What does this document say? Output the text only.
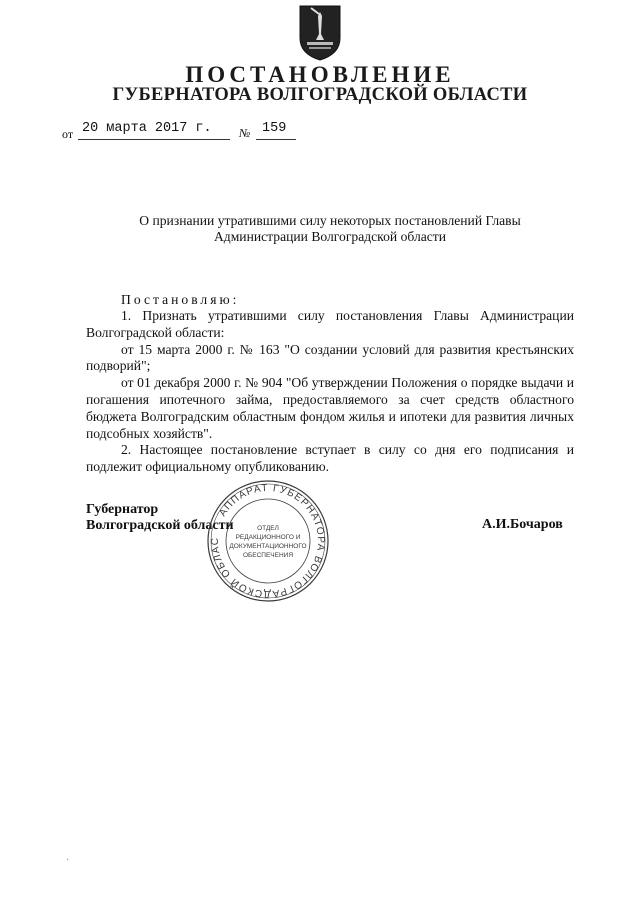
ПОСТАНОВЛЕНИЕ
ГУБЕРНАТОРА ВОЛГОГРАДСКОЙ ОБЛАСТИ
от 20 марта 2017 г. № 159
О признании утратившими силу некоторых постановлений Главы
Администрации Волгоградской области
Постановляю:

1. Признать утратившими силу постановления Главы Администрации Волгоградской области:

от 15 марта 2000 г. № 163 "О создании условий для развития крестьянских подворий";

от 01 декабря 2000 г. № 904 "Об утверждении Положения о порядке выдачи и погашения ипотечного займа, предоставляемого за счет средств областного бюджета Волгоградским областным фондом жилья и ипотеки для развития личных подсобных хозяйств".

2. Настоящее постановление вступает в силу со дня его подписания и подлежит официальному опубликованию.

Губернатор
Волгоградской области	А.И.Бочаров
АППАРАТ ГУБЕРНАТОРА ВОЛГОГРАДСКОЙ ОБЛАС
ОТДЕЛ
РЕДАКЦИОННОГО И
ДОКУМЕНТАЦИОННОГО
ОБЕСПЕЧЕНИЯ
·
